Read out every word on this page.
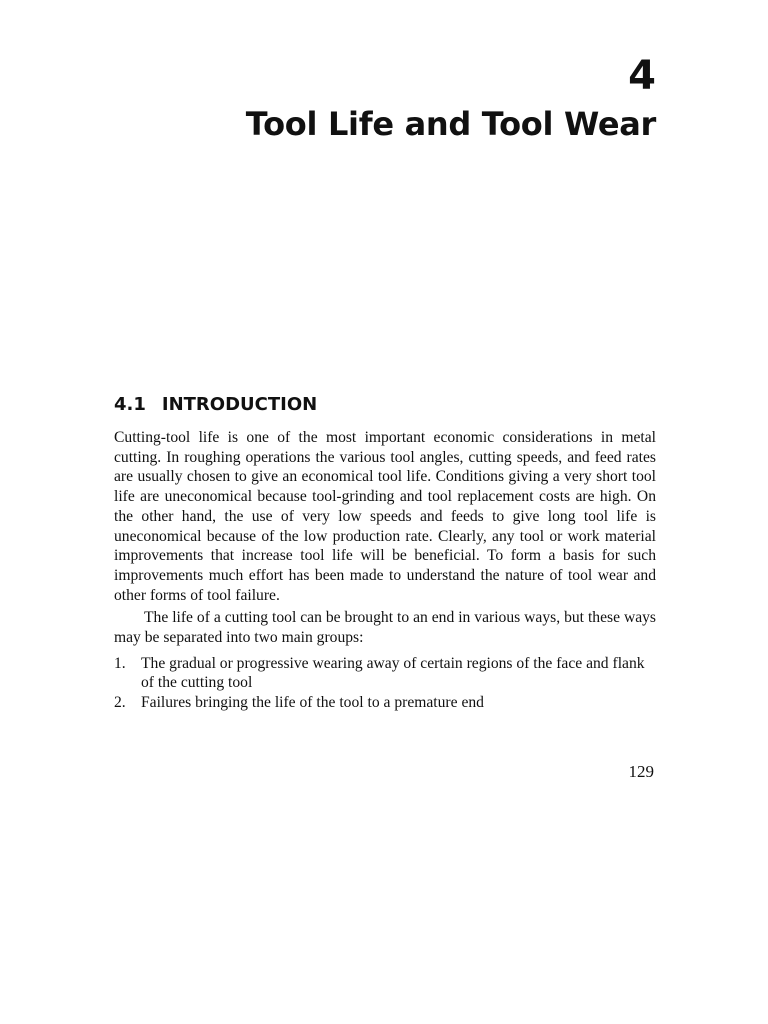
4
Tool Life and Tool Wear
4.1 INTRODUCTION

Cutting-tool life is one of the most important economic considerations in metal cutting. In roughing operations the various tool angles, cutting speeds, and feed rates are usually chosen to give an economical tool life. Conditions giving a very short tool life are uneconomical because tool-grinding and tool replacement costs are high. On the other hand, the use of very low speeds and feeds to give long tool life is uneconomical because of the low production rate. Clearly, any tool or work material improvements that increase tool life will be beneficial. To form a basis for such improvements much effort has been made to understand the nature of tool wear and other forms of tool failure.

The life of a cutting tool can be brought to an end in various ways, but these ways may be separated into two main groups:

1. The gradual or progressive wearing away of certain regions of the face and flank of the cutting tool
2. Failures bringing the life of the tool to a premature end

129
